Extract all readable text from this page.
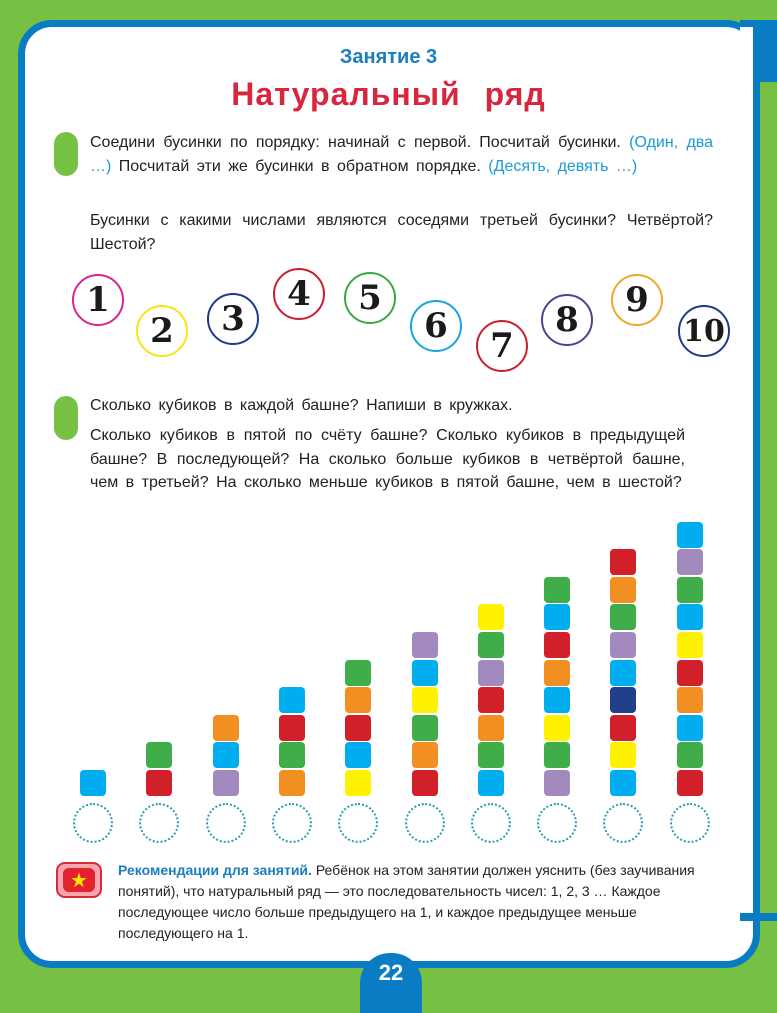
Занятие 3
Натуральный ряд
Соедини бусинки по порядку: начинай с первой. Посчитай бусинки. (Один, два …) Посчитай эти же бусинки в обратном порядке. (Десять, девять …)
Бусинки с какими числами являются соседями третьей бусинки? Четвёртой? Шестой?
1
2	3
4	5
6	7
8	9
10
Сколько кубиков в каждой башне? Напиши в кружках.
Сколько кубиков в пятой по счёту башне? Сколько кубиков в предыдущей башне? В последующей? На сколько больше кубиков в четвёртой башне, чем в третьей? На сколько меньше кубиков в пятой башне, чем в шестой?
★	Рекомендации для занятий. Ребёнок на этом занятии должен уяснить (без заучивания понятий), что натуральный ряд — это последовательность чисел: 1, 2, 3 … Каждое последующее число больше предыдущего на 1, и каждое предыдущее меньше последующего на 1.
22
